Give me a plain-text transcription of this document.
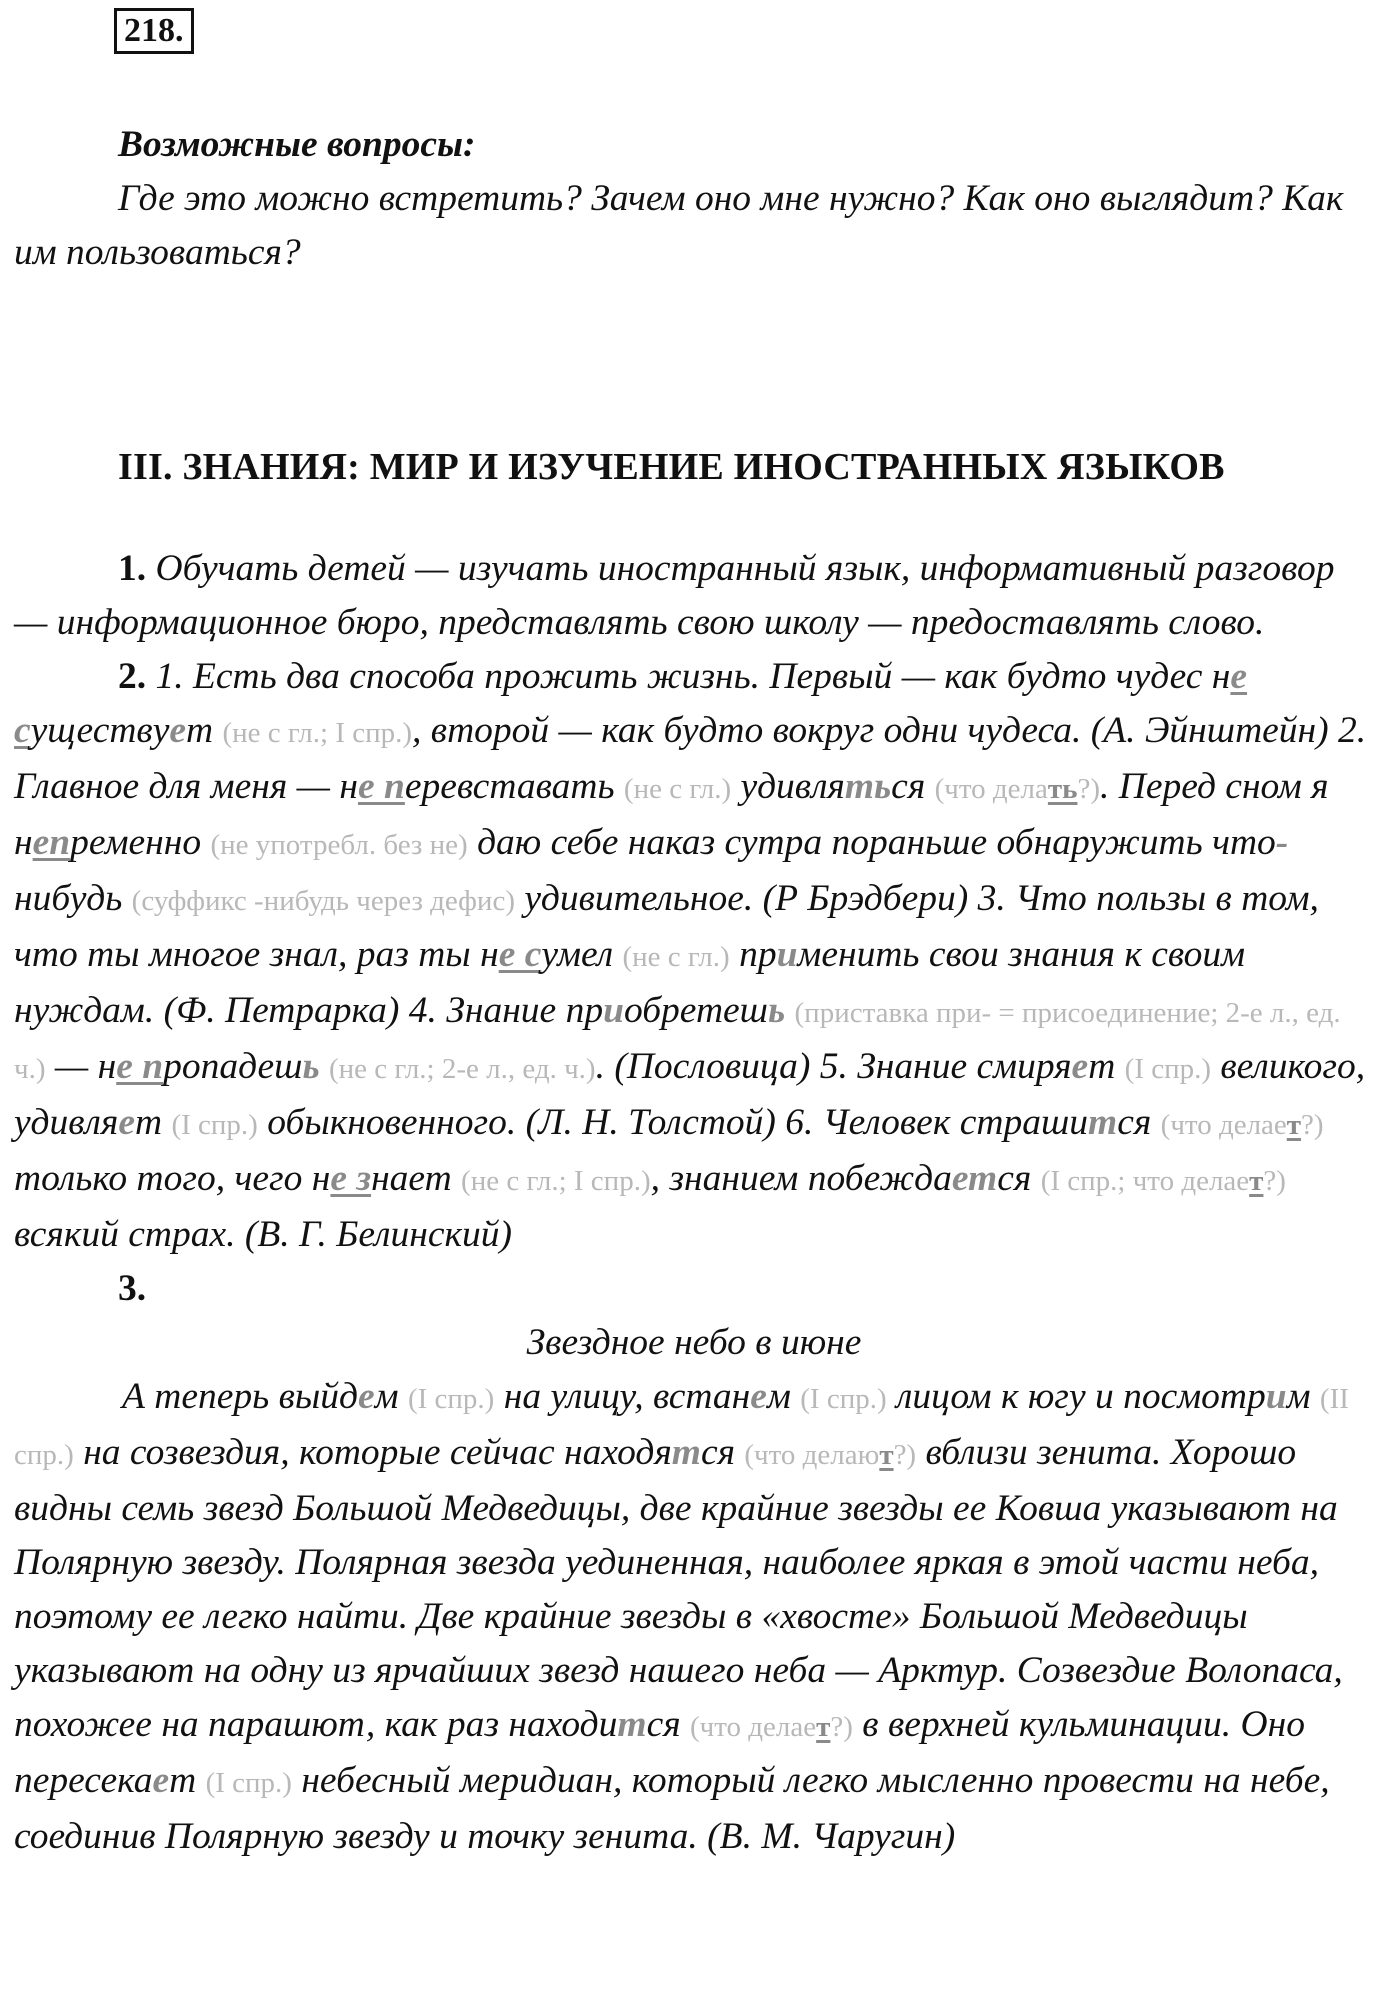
218.

Возможные вопросы:

Где это можно встретить? Зачем оно мне нужно? Как оно выглядит? Как им пользоваться?

III. ЗНАНИЯ: МИР И ИЗУЧЕНИЕ ИНОСТРАННЫХ ЯЗЫКОВ

1. Обучать детей — изучать иностранный язык, информативный разговор — информационное бюро, представлять свою школу — предоставлять слово.

2. 1. Есть два способа прожить жизнь. Первый — как будто чудес не существует (не с гл.; I спр.), второй — как будто вокруг одни чудеса. (А. Эйнштейн) 2. Главное для меня — не перевставать (не с гл.) удивляться (что делать?). Перед сном я непременно (не употребл. без не) даю себе наказ сутра пораньше обнаружить что-нибудь (суффикс -нибудь через дефис) удивительное. (Р Брэдбери) 3. Что пользы в том, что ты многое знал, раз ты не сумел (не с гл.) применить свои знания к своим нуждам. (Ф. Петрарка) 4. Знание приобретешь (приставка при- = присоединение; 2-е л., ед. ч.) — не пропадешь (не с гл.; 2-е л., ед. ч.). (Пословица) 5. Знание смиряет (I спр.) великого, удивляет (I спр.) обыкновенного. (Л. Н. Толстой) 6. Человек страшится (что делает?) только того, чего не знает (не с гл.; I спр.), знанием побеждается (I спр.; что делает?) всякий страх. (В. Г. Белинский)

3.

Звездное небо в июне

А теперь выйдем (I спр.) на улицу, встанем (I спр.) лицом к югу и посмотрим (II спр.) на созвездия, которые сейчас находятся (что делают?) вблизи зенита. Хорошо видны семь звезд Большой Медведицы, две крайние звезды ее Ковша указывают на Полярную звезду. Полярная звезда уединенная, наиболее яркая в этой части неба, поэтому ее легко найти. Две крайние звезды в «хвосте» Большой Медведицы указывают на одну из ярчайших звезд нашего неба — Арктур. Созвездие Волопаса, похожее на парашют, как раз находится (что делает?) в верхней кульминации. Оно пересекает (I спр.) небесный меридиан, который легко мысленно провести на небе, соединив Полярную звезду и точку зенита. (В. М. Чаругин)
